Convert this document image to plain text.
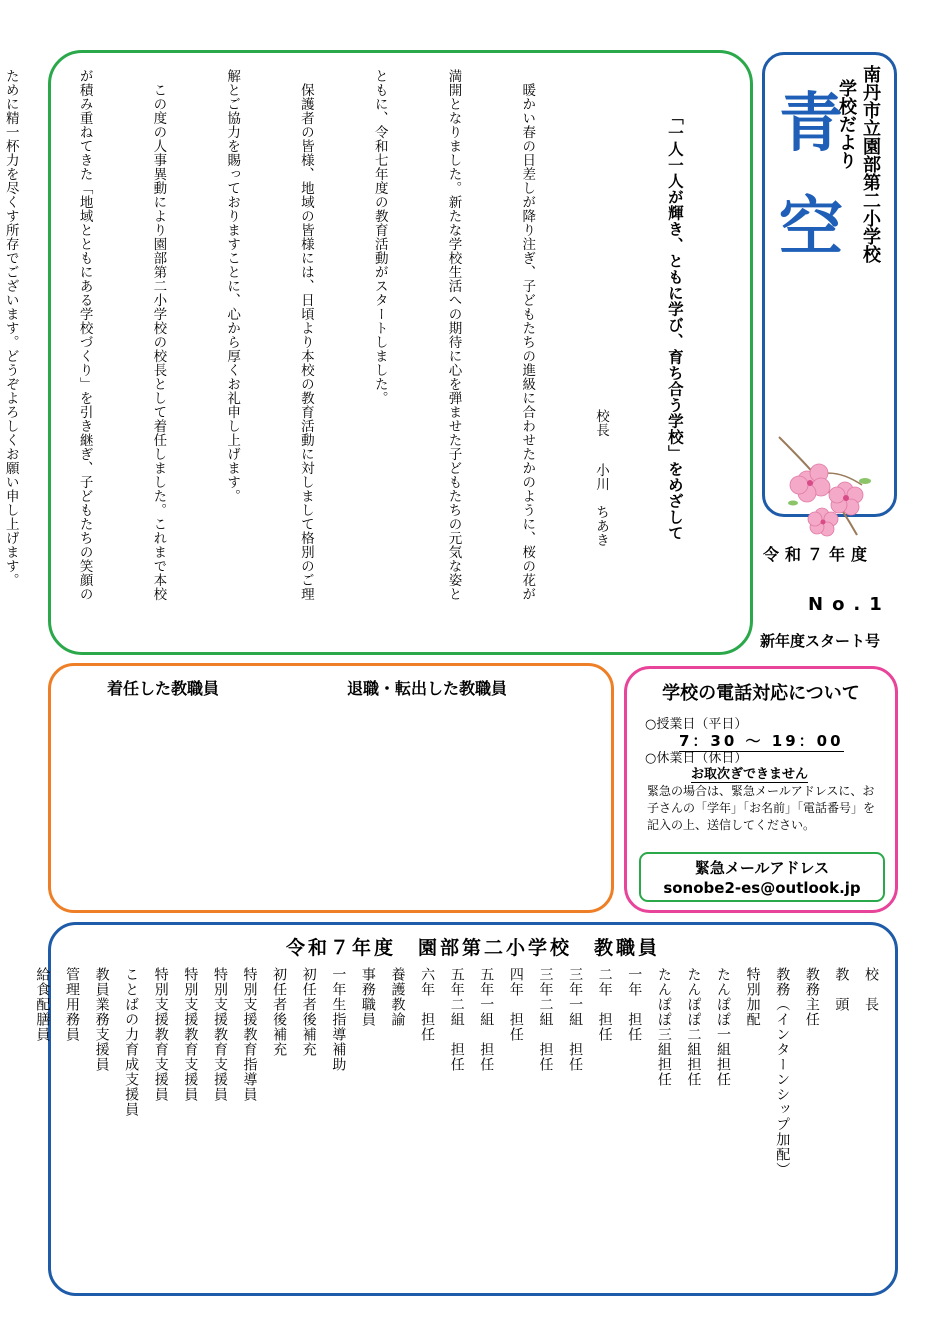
南丹市立園部第二小学校
学校だより
青
空
令和７年度
No.1
新年度スタート号

「一人一人が輝き、ともに学び、育ち合う学校」をめざして

校長小川　ちあき

　暖かい春の日差しが降り注ぎ、子どもたちの進級に合わせたかのように、桜の花が

満開となりました。新たな学校生活への期待に心を弾ませた子どもたちの元気な姿と

ともに、令和七年度の教育活動がスタートしました。

　保護者の皆様、地域の皆様には、日頃より本校の教育活動に対しまして格別のご理

解とご協力を賜っておりますことに、心から厚くお礼申し上げます。

　この度の人事異動により園部第二小学校の校長として着任しました。これまで本校

が積み重ねてきた「地域とともにある学校づくり」を引き継ぎ、子どもたちの笑顔の

ために精一杯力を尽くす所存でございます。どうぞよろしくお願い申し上げます。

着任した教職員	退職・転出した教職員	学校の電話対応について
○授業日（平日）
7：30 ～ 19：00
○休業日（休日）
お取次ぎできません
緊急の場合は、緊急メールアドレスに、お子さんの「学年」「お名前」「電話番号」を記入の上、送信してください。
緊急メールアドレス
sonobe2-es@outlook.jp
令和７年度　園部第二小学校　教職員
校　長
教　頭
教務主任
教務（インターンシップ加配）
特別加配
たんぽぽ一組担任
たんぽぽ二組担任
たんぽぽ三組担任
一年　担任
二年　担任
三年一組　担任
三年二組　担任
四年　担任
五年一組　担任
五年二組　担任
六年　担任
養護教諭
事務職員
一年生指導補助
初任者後補充
初任者後補充
特別支援教育指導員
特別支援教育支援員
特別支援教育支援員
特別支援教育支援員
ことばの力育成支援員
教員業務支援員
管理用務員
給食配膳員
